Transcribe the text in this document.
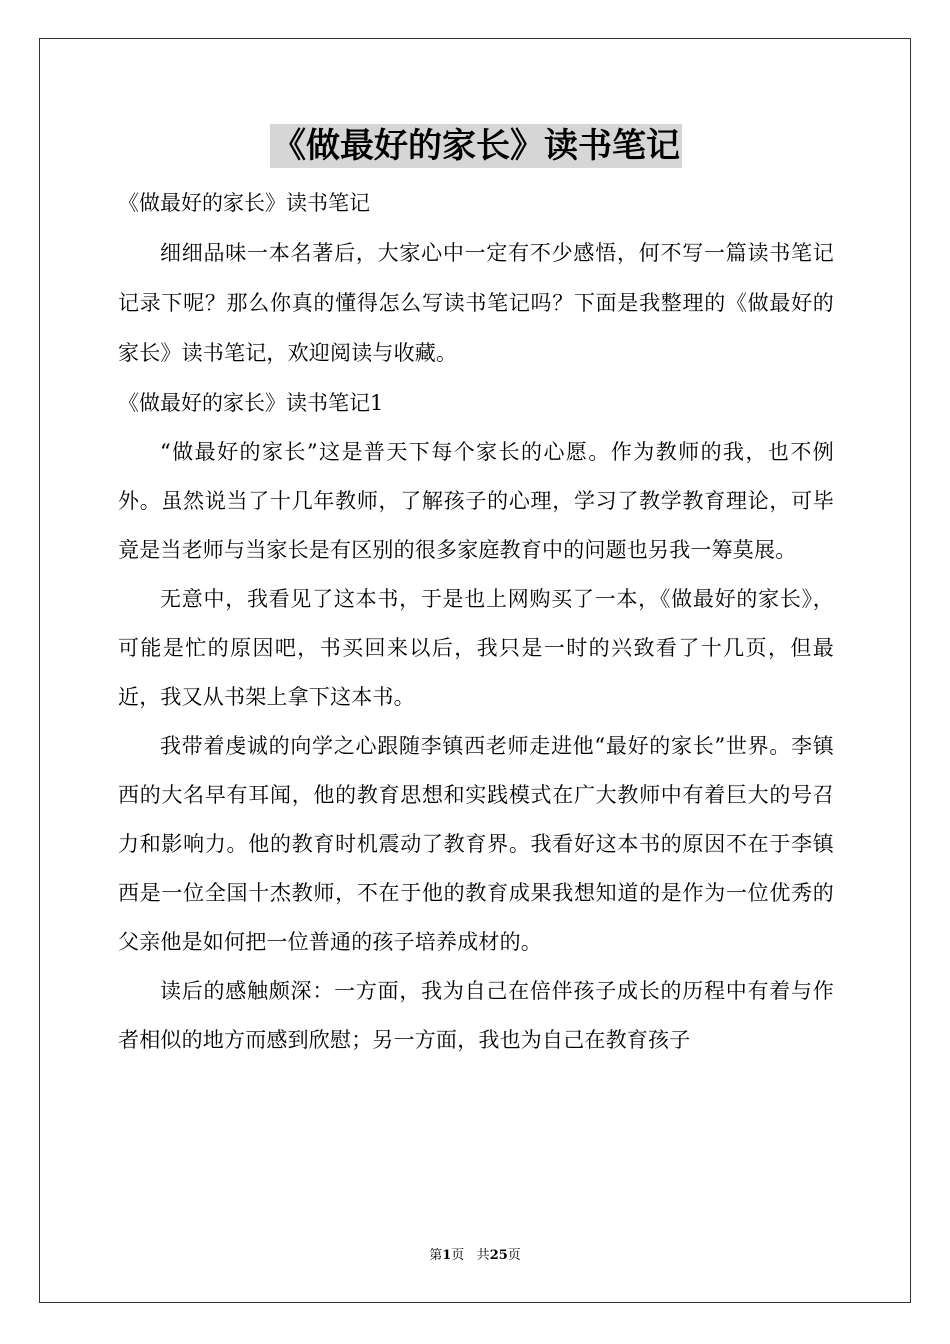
《做最好的家长》读书笔记
《做最好的家长》读书笔记

细细品味一本名著后，大家心中一定有不少感悟，何不写一篇读书笔记记录下呢？那么你真的懂得怎么写读书笔记吗？下面是我整理的《做最好的家长》读书笔记，欢迎阅读与收藏。

《做最好的家长》读书笔记1

“做最好的家长”这是普天下每个家长的心愿。作为教师的我，也不例外。虽然说当了十几年教师，了解孩子的心理，学习了教学教育理论，可毕竟是当老师与当家长是有区别的很多家庭教育中的问题也另我一筹莫展。

无意中，我看见了这本书，于是也上网购买了一本，《做最好的家长》，可能是忙的原因吧，书买回来以后，我只是一时的兴致看了十几页，但最近，我又从书架上拿下这本书。

我带着虔诚的向学之心跟随李镇西老师走进他“最好的家长”世界。李镇西的大名早有耳闻，他的教育思想和实践模式在广大教师中有着巨大的号召力和影响力。他的教育时机震动了教育界。我看好这本书的原因不在于李镇西是一位全国十杰教师，不在于他的教育成果我想知道的是作为一位优秀的父亲他是如何把一位普通的孩子培养成材的。

读后的感触颇深：一方面，我为自己在倍伴孩子成长的历程中有着与作者相似的地方而感到欣慰；另一方面，我也为自己在教育孩子

第1页 共25页
